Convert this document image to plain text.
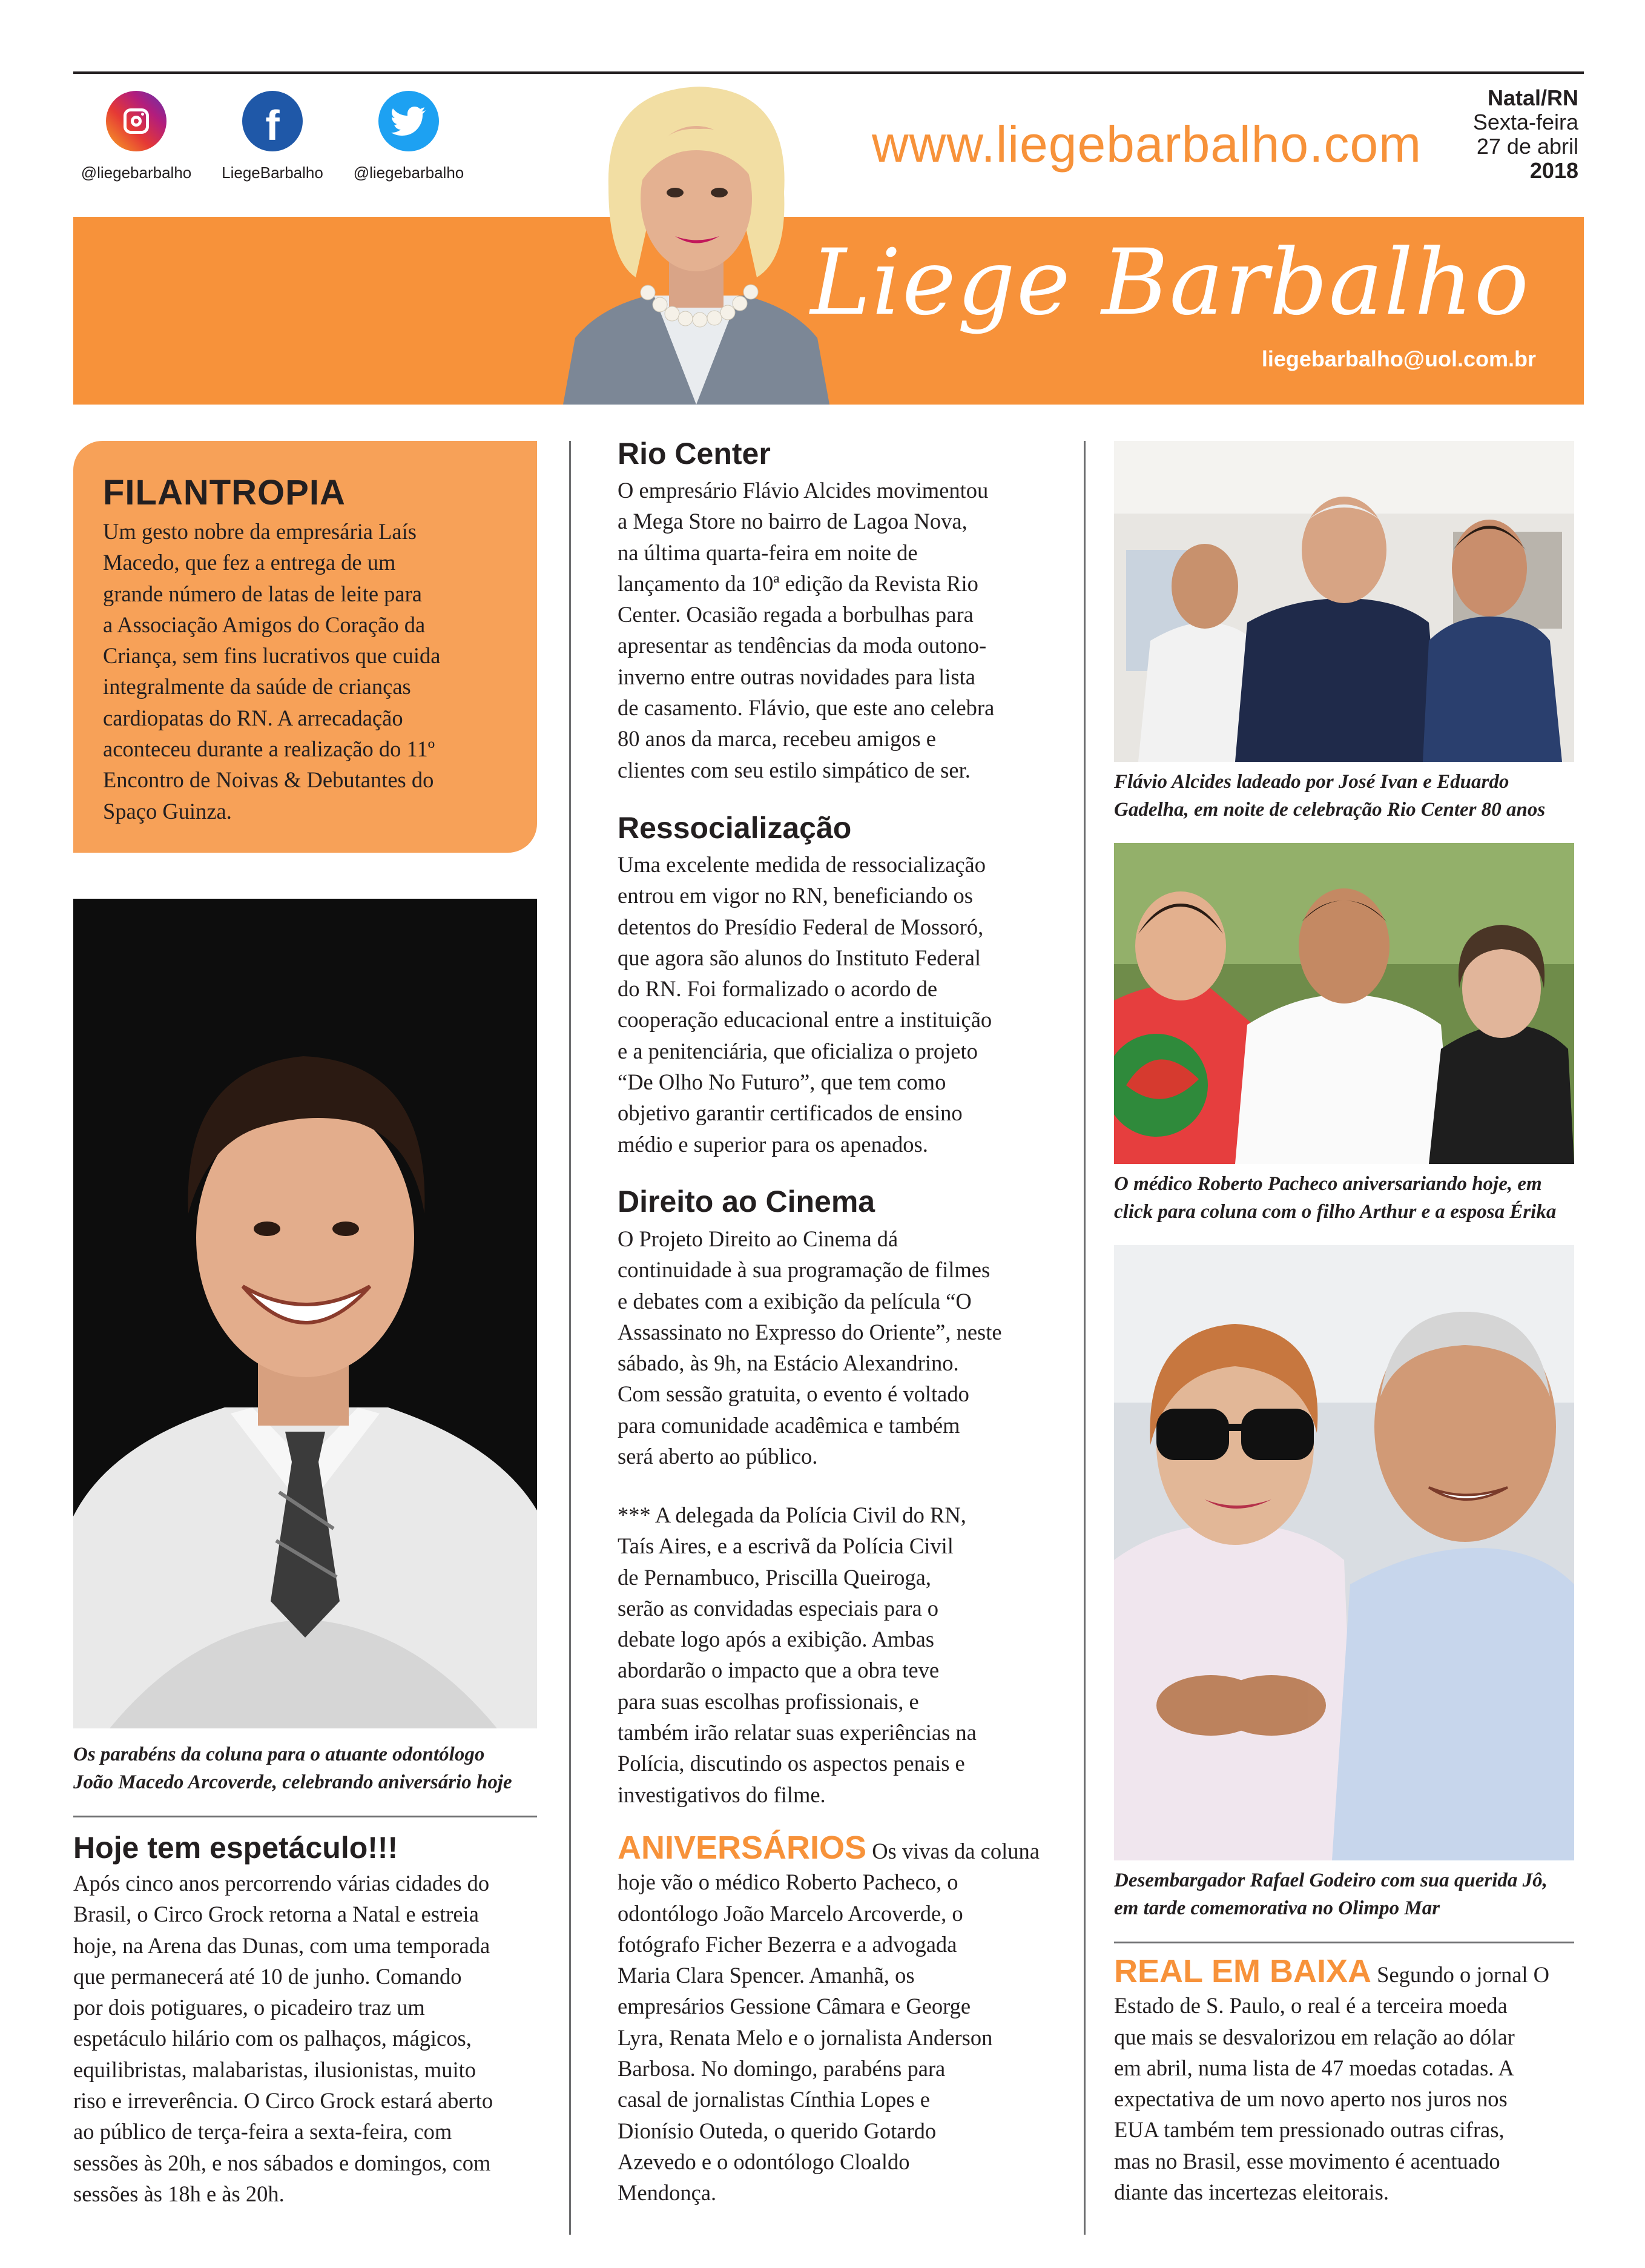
@liegebarbalho
f
LiegeBarbalho	@liegebarbalho	www.liegebarbalho.com
Natal/RN
Sexta-feira
27 de abril
2018
Liege Barbalho
liegebarbalho@uol.com.br
FILANTROPIA
Um gesto nobre da empresária Laís
Macedo, que fez a entrega de um
grande número de latas de leite para
a Associação Amigos do Coração da
Criança, sem fins lucrativos que cuida
integralmente da saúde de crianças
cardiopatas do RN. A arrecadação
aconteceu durante a realização do 11º
Encontro de Noivas & Debutantes do
Spaço Guinza.
Os parabéns da coluna para o atuante odontólogo
João Macedo Arcoverde, celebrando aniversário hoje
Hoje tem espetáculo!!!
Após cinco anos percorrendo várias cidades do
Brasil, o Circo Grock retorna a Natal e estreia
hoje, na Arena das Dunas, com uma temporada
que permanecerá até 10 de junho. Comando
por dois potiguares, o picadeiro traz um
espetáculo hilário com os palhaços, mágicos,
equilibristas, malabaristas, ilusionistas, muito
riso e irreverência. O Circo Grock estará aberto
ao público de terça-feira a sexta-feira, com
sessões às 20h, e nos sábados e domingos, com
sessões às 18h e às 20h.
Rio Center
O empresário Flávio Alcides movimentou
a Mega Store no bairro de Lagoa Nova,
na última quarta-feira em noite de
lançamento da 10ª edição da Revista Rio
Center. Ocasião regada a borbulhas para
apresentar as tendências da moda outono-
inverno entre outras novidades para lista
de casamento. Flávio, que este ano celebra
80 anos da marca, recebeu amigos e
clientes com seu estilo simpático de ser.
Ressocialização
Uma excelente medida de ressocialização
entrou em vigor no RN, beneficiando os
detentos do Presídio Federal de Mossoró,
que agora são alunos do Instituto Federal
do RN. Foi formalizado o acordo de
cooperação educacional entre a instituição
e a penitenciária, que oficializa o projeto
“De Olho No Futuro”, que tem como
objetivo garantir certificados de ensino
médio e superior para os apenados.
Direito ao Cinema
O Projeto Direito ao Cinema dá
continuidade à sua programação de filmes
e debates com a exibição da película “O
Assassinato no Expresso do Oriente”, neste
sábado, às 9h, na Estácio Alexandrino.
Com sessão gratuita, o evento é voltado
para comunidade acadêmica e também
será aberto ao público.
*** A delegada da Polícia Civil do RN,
Taís Aires, e a escrivã da Polícia Civil
de Pernambuco, Priscilla Queiroga,
serão as convidadas especiais para o
debate logo após a exibição. Ambas
abordarão o impacto que a obra teve
para suas escolhas profissionais, e
também irão relatar suas experiências na
Polícia, discutindo os aspectos penais e
investigativos do filme.
ANIVERSÁRIOS Os vivas da coluna
hoje vão o médico Roberto Pacheco, o
odontólogo João Marcelo Arcoverde, o
fotógrafo Ficher Bezerra e a advogada
Maria Clara Spencer. Amanhã, os
empresários Gessione Câmara e George
Lyra, Renata Melo e o jornalista Anderson
Barbosa. No domingo, parabéns para
casal de jornalistas Cínthia Lopes e
Dionísio Outeda, o querido Gotardo
Azevedo e o odontólogo Cloaldo
Mendonça.
Flávio Alcides ladeado por José Ivan e Eduardo
Gadelha, em noite de celebração Rio Center 80 anos
O médico Roberto Pacheco aniversariando hoje, em
click para coluna com o filho Arthur e a esposa Érika
Desembargador Rafael Godeiro com sua querida Jô,
em tarde comemorativa no Olimpo Mar
REAL EM BAIXA Segundo o jornal O
Estado de S. Paulo, o real é a terceira moeda
que mais se desvalorizou em relação ao dólar
em abril, numa lista de 47 moedas cotadas. A
expectativa de um novo aperto nos juros nos
EUA também tem pressionado outras cifras,
mas no Brasil, esse movimento é acentuado
diante das incertezas eleitorais.
